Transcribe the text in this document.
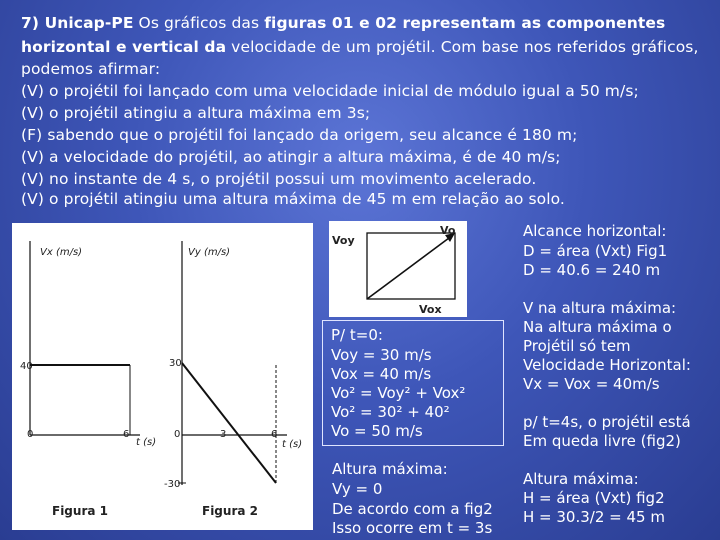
7) Unicap-PE Os gráficos das figuras 01 e 02 representam as componentes
horizontal e vertical da velocidade de um projétil. Com base nos referidos gráficos,
podemos afirmar:
(V) o projétil foi lançado com uma velocidade inicial de módulo igual a 50 m/s;
(V) o projétil atingiu a altura máxima em 3s;
(F) sabendo que o projétil foi lançado da origem, seu alcance é 180 m;
(V) a velocidade do projétil, ao atingir a altura máxima, é de 40 m/s;
(V) no instante de 4 s, o projétil possui um movimento acelerado.
(V) o projétil atingiu uma altura máxima de 45 m em relação ao solo.
Vx (m/s)
40
0	6
t (s)
Figura 1
Vy (m/s)
30
0	3	6
t (s)
-30
Figura 2
Voy
Vo
Vox
P/ t=0:
Voy = 30 m/s
Vox = 40 m/s
Vo² = Voy² + Vox²
Vo² = 30² + 40²
Vo = 50 m/s
Altura máxima:
Vy = 0
De acordo com a fig2
Isso ocorre em t = 3s
Alcance horizontal:
D = área (Vxt) Fig1
D = 40.6 = 240 m
V na altura máxima:
Na altura máxima o
Projétil só tem
Velocidade Horizontal:
Vx = Vox = 40m/s
p/ t=4s, o projétil está
Em queda livre (fig2)
Altura máxima:
H = área (Vxt) fig2
H = 30.3/2 = 45 m
